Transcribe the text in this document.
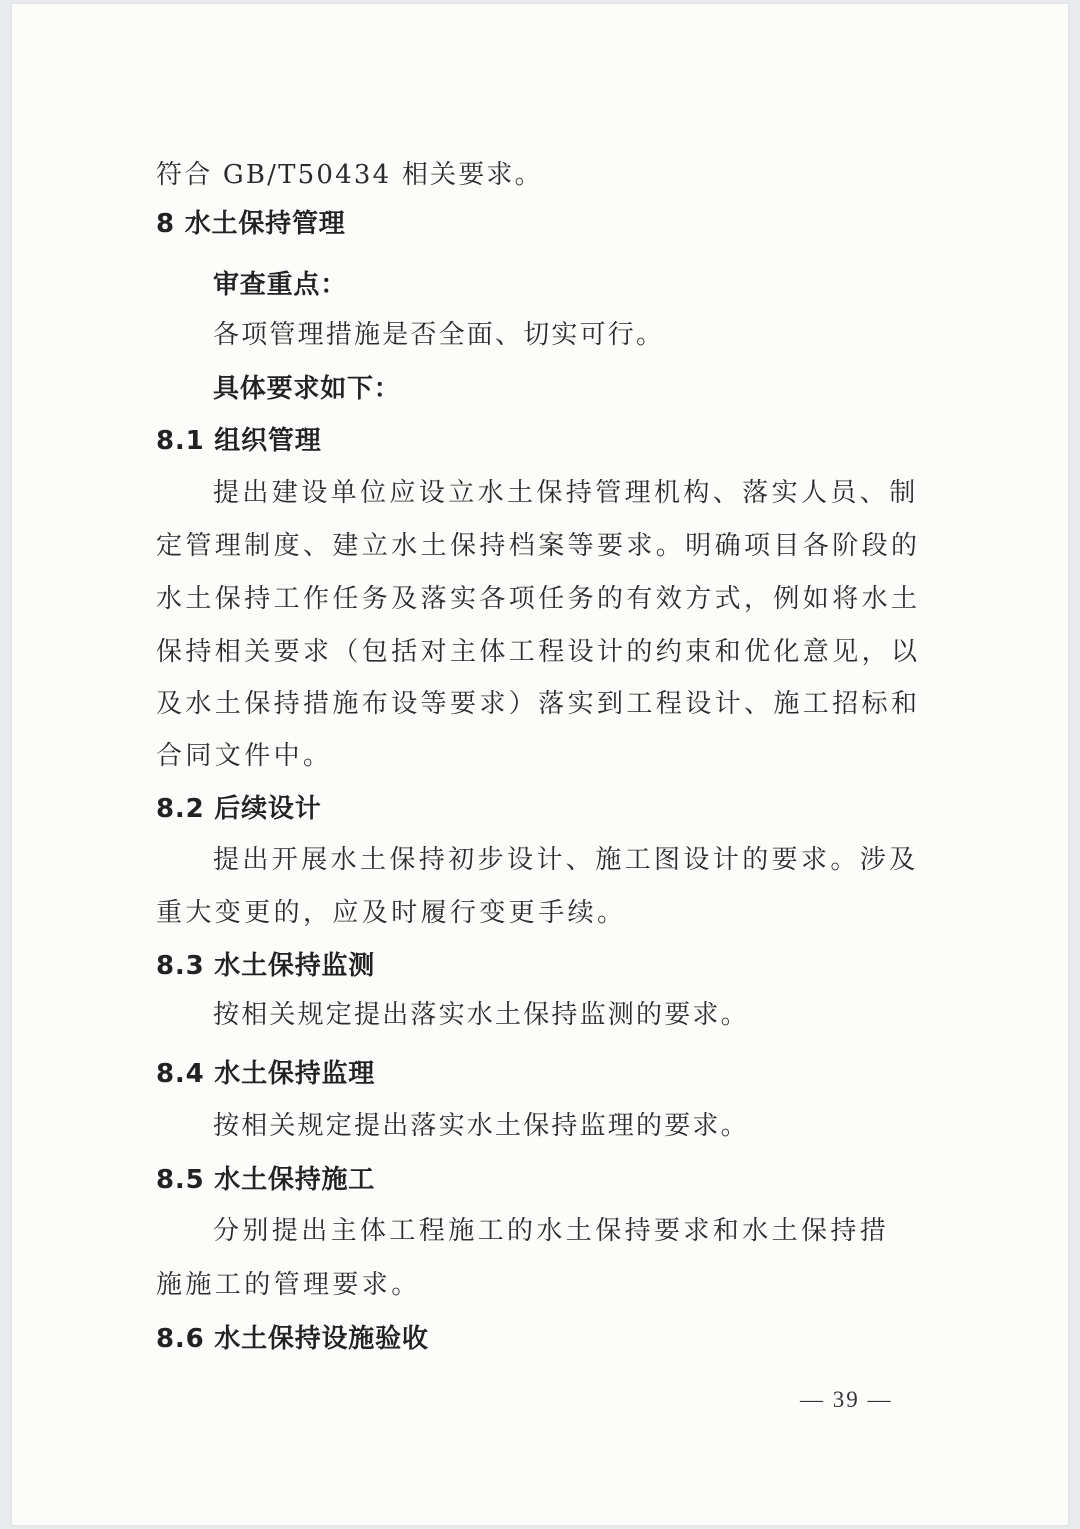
符合 GB/T50434 相关要求。
8 水土保持管理
审查重点：
各项管理措施是否全面、切实可行。
具体要求如下：
8.1 组织管理
提出建设单位应设立水土保持管理机构、落实人员、制
定管理制度、建立水土保持档案等要求。明确项目各阶段的
水土保持工作任务及落实各项任务的有效方式，例如将水土
保持相关要求（包括对主体工程设计的约束和优化意见，以
及水土保持措施布设等要求）落实到工程设计、施工招标和
合同文件中。
8.2 后续设计
提出开展水土保持初步设计、施工图设计的要求。涉及
重大变更的，应及时履行变更手续。
8.3 水土保持监测
按相关规定提出落实水土保持监测的要求。
8.4 水土保持监理
按相关规定提出落实水土保持监理的要求。
8.5 水土保持施工
分别提出主体工程施工的水土保持要求和水土保持措
施施工的管理要求。
8.6 水土保持设施验收
— 39 —
